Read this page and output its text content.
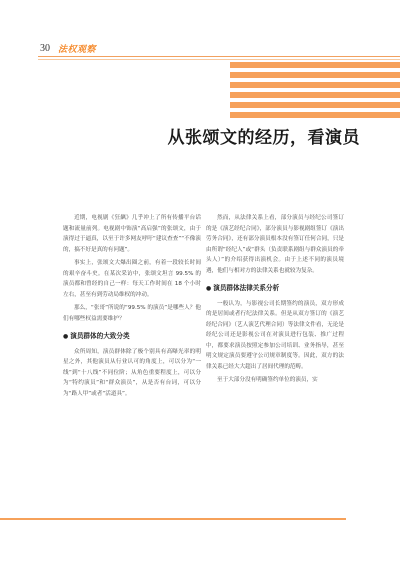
30 法权观察
从张颂文的经历，看演员

近期，电视剧《狂飙》几乎冲上了所有传播平台话题和流量前列。电视剧中饰演“高启强”的张颂文，由于演得过于逼真，以至于许多网友呼吁“建议查查”“不像演的，搞不好是真的有问题”。

事实上，张颂文大爆出圈之前，有着一段较长时间的艰辛奋斗史。在某次采访中，张颂文坦言 99.5% 的演员都和曾经的自己一样：每天工作时间在 18 个小时左右，甚至有到劳动局维权的冲动。

那么，“张哥”所说的“99.5% 的演员”是哪些人？他们有哪些权益需要维护？

● 演员群体的大致分类

众所周知，演员群体除了极个别具有高曝光率的明星之外，其他演员从行业认可的角度上，可以分为“一线”到“十八线”不同位阶；从角色重要程度上，可以分为“特约演员”和“群众演员”，从是否有台词，可以分为“路人甲”或者“活道具”。

然而，从法律关系上看，部分演员与经纪公司签订的是《演艺经纪合同》，部分演员与影视剧组签订《演出劳务合同》，还有部分演员根本没有签订任何合同，只是由所谓“经纪人”或“群头（负责联系剧组与群众演员的牵头人）”的介绍获得出演机会。由于上述不同的演员境遇，他们与相对方的法律关系也就较为复杂。

● 演员群体法律关系分析

一般认为，与影视公司长期签约的演员，双方形成的是居间或者行纪法律关系。但是从双方签订的《演艺经纪合同》（艺人演艺代理合同）等法律文件看，无论是经纪公司还是影视公司在对演员进行包装、推广过程中，都要求演员按照定参加公司培训、业务指导，甚至明文规定演员要遵守公司规章制度等。因此，双方的法律关系已经大大超出了居间代理的范畴。

至于大部分没有明确签约单位的演员，实
